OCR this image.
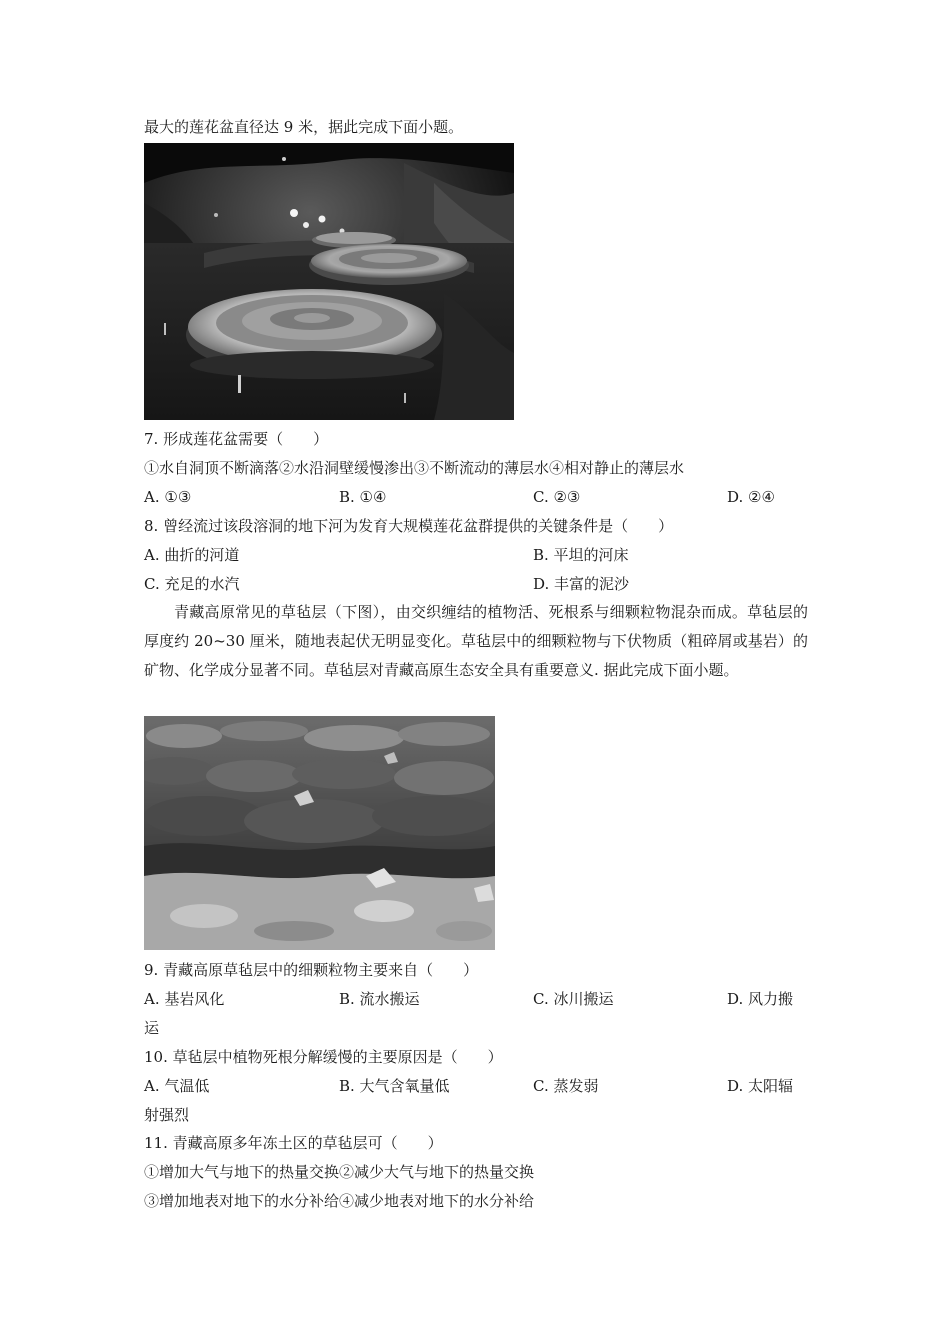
最大的莲花盆直径达 9 米，据此完成下面小题。
7. 形成莲花盆需要（　　）
①水自洞顶不断滴落②水沿洞壁缓慢渗出③不断流动的薄层水④相对静止的薄层水
A. ①③	B. ①④	C. ②③	D. ②④
8. 曾经流过该段溶洞的地下河为发育大规模莲花盆群提供的关键条件是（　　）
A. 曲折的河道	B. 平坦的河床
C. 充足的水汽	D. 丰富的泥沙
青藏高原常见的草毡层（下图），由交织缠结的植物活、死根系与细颗粒物混杂而成。草毡层的厚度约 20~30 厘米，随地表起伏无明显变化。草毡层中的细颗粒物与下伏物质（粗碎屑或基岩）的矿物、化学成分显著不同。草毡层对青藏高原生态安全具有重要意义. 据此完成下面小题。
9. 青藏高原草毡层中的细颗粒物主要来自（　　）
A. 基岩风化	B. 流水搬运	C. 冰川搬运	D. 风力搬
运
10. 草毡层中植物死根分解缓慢的主要原因是（　　）
A. 气温低	B. 大气含氧量低	C. 蒸发弱	D. 太阳辐
射强烈
11. 青藏高原多年冻土区的草毡层可（　　）
①增加大气与地下的热量交换②减少大气与地下的热量交换
③增加地表对地下的水分补给④减少地表对地下的水分补给
